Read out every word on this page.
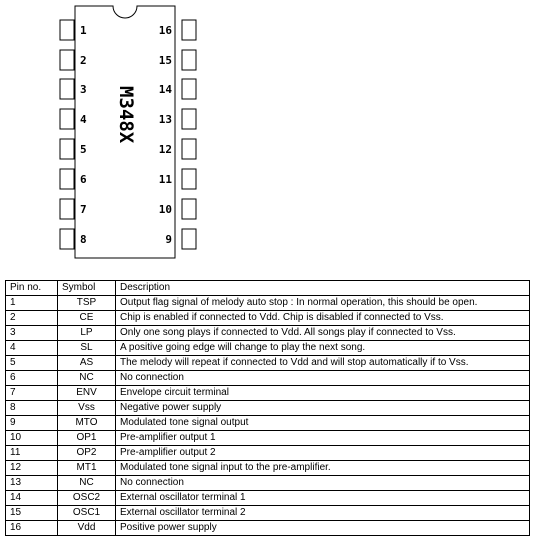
1
2
3
4
5
6
7
8
16
15
14
13
12
11
10
9
M348X
Pin no.	Symbol	Description
1	TSP	Output flag signal of melody auto stop : In normal operation, this should be open.
2	CE	Chip is enabled if connected to Vdd. Chip is disabled if connected to Vss.
3	LP	Only one song plays if connected to Vdd. All songs play if connected to Vss.
4	SL	A positive going edge will change to play the next song.
5	AS	The melody will repeat if connected to Vdd and will stop automatically if to Vss.
6	NC	No connection
7	ENV	Envelope circuit terminal
8	Vss	Negative power supply
9	MTO	Modulated tone signal output
10	OP1	Pre-amplifier output 1
11	OP2	Pre-amplifier output 2
12	MT1	Modulated tone signal input to the pre-amplifier.
13	NC	No connection
14	OSC2	External oscillator terminal 1
15	OSC1	External oscillator terminal 2
16	Vdd	Positive power supply
